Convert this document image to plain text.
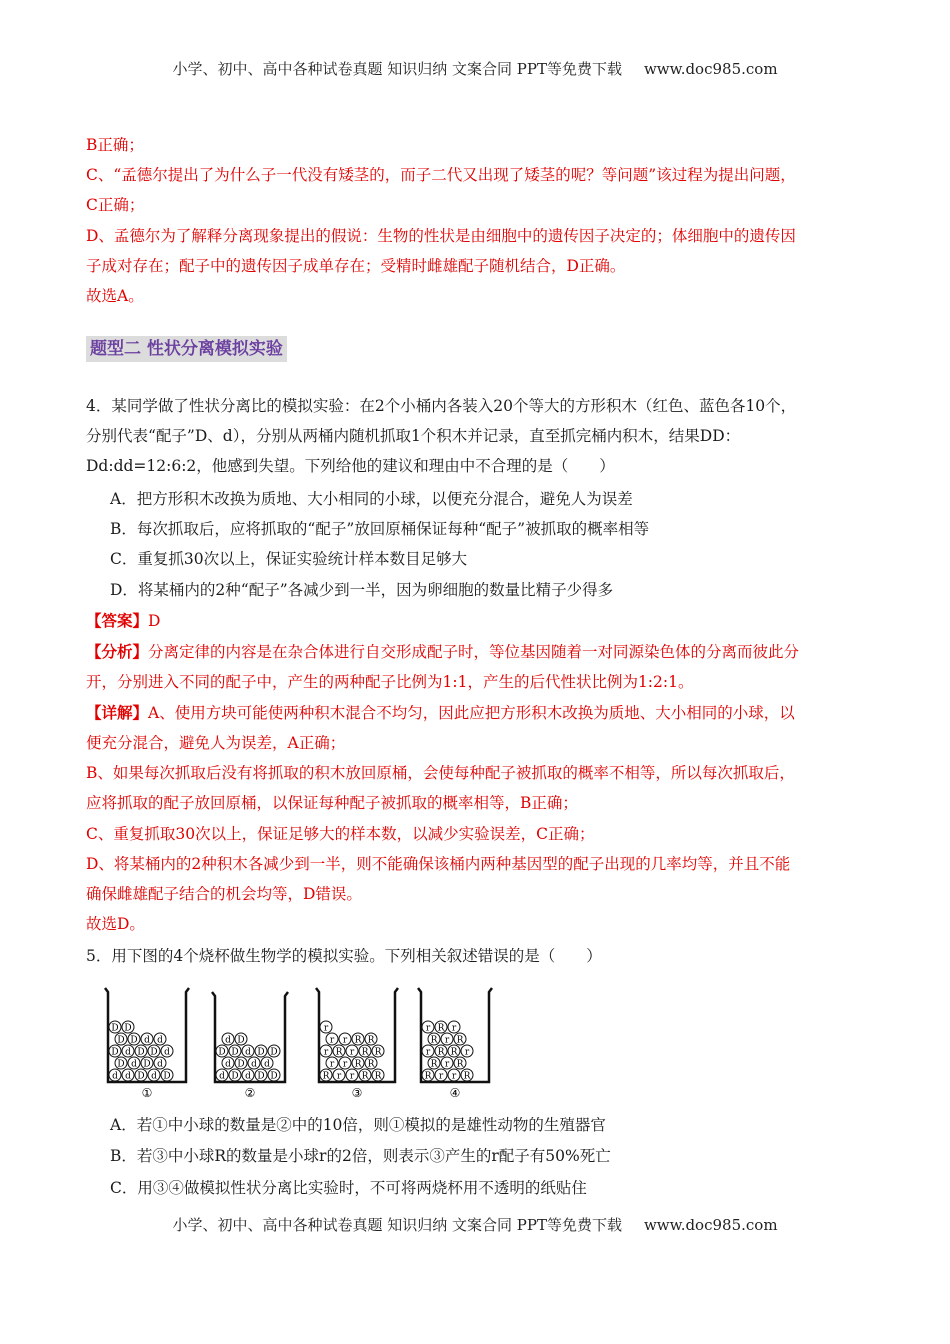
小学、初中、高中各种试卷真题 知识归纳 文案合同 PPT等免费下载 www.doc985.com
B正确；
C、“孟德尔提出了为什么子一代没有矮茎的，而子二代又出现了矮茎的呢？等问题”该过程为提出问题，
C正确；
D、孟德尔为了解释分离现象提出的假说：生物的性状是由细胞中的遗传因子决定的；体细胞中的遗传因
子成对存在；配子中的遗传因子成单存在；受精时雌雄配子随机结合，D正确。
故选A。
题型二 性状分离模拟实验
4．某同学做了性状分离比的模拟实验：在2个小桶内各装入20个等大的方形积木（红色、蓝色各10个，
分别代表“配子”D、d），分别从两桶内随机抓取1个积木并记录，直至抓完桶内积木，结果DD：
Dd:dd=12:6:2，他感到失望。下列给他的建议和理由中不合理的是（　　）
A．把方形积木改换为质地、大小相同的小球，以便充分混合，避免人为误差
B．每次抓取后，应将抓取的“配子”放回原桶保证每种“配子”被抓取的概率相等
C．重复抓30次以上，保证实验统计样本数目足够大
D．将某桶内的2种“配子”各减少到一半，因为卵细胞的数量比精子少得多
【答案】D
【分析】分离定律的内容是在杂合体进行自交形成配子时，等位基因随着一对同源染色体的分离而彼此分
开，分别进入不同的配子中，产生的两种配子比例为1:1，产生的后代性状比例为1:2:1。
【详解】A、使用方块可能使两种积木混合不均匀，因此应把方形积木改换为质地、大小相同的小球，以
便充分混合，避免人为误差，A正确；
B、如果每次抓取后没有将抓取的积木放回原桶，会使每种配子被抓取的概率不相等，所以每次抓取后，
应将抓取的配子放回原桶，以保证每种配子被抓取的概率相等，B正确；
C、重复抓取30次以上，保证足够大的样本数，以减少实验误差，C正确；
D、将某桶内的2种积木各减少到一半，则不能确保该桶内两种基因型的配子出现的几率均等，并且不能
确保雌雄配子结合的机会均等，D错误。
故选D。
5．用下图的4个烧杯做生物学的模拟实验。下列相关叙述错误的是（　　）
d d D d D
D d D d
D d D D d
D D d d
D D
①
d D d D D
d D d d
D D d D D
d D
②
R r r R R
r r R R
r R r R R
r r R R
r
③
R r r R
R r R
r R R r
R r R
r R r
④
A．若①中小球的数量是②中的10倍，则①模拟的是雄性动物的生殖器官
B．若③中小球R的数量是小球r的2倍，则表示③产生的r配子有50%死亡
C．用③④做模拟性状分离比实验时，不可将两烧杯用不透明的纸贴住
小学、初中、高中各种试卷真题 知识归纳 文案合同 PPT等免费下载 www.doc985.com
